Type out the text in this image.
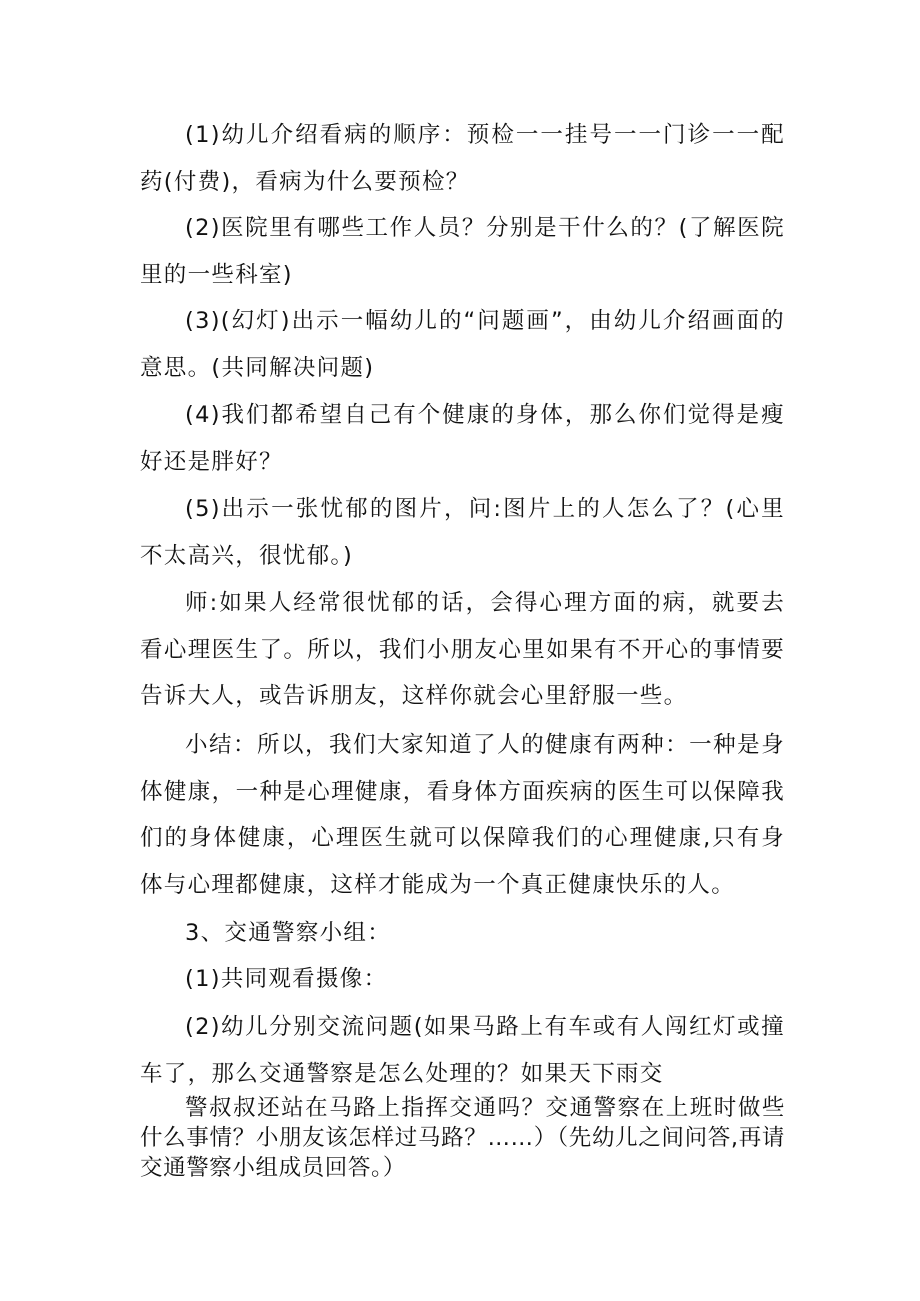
(1)幼儿介绍看病的顺序：预检一一挂号一一门诊一一配药(付费)，看病为什么要预检？

(2)医院里有哪些工作人员？分别是干什么的？(了解医院里的一些科室)

(3)(幻灯)出示一幅幼儿的“问题画”，由幼儿介绍画面的意思。(共同解决问题)

(4)我们都希望自己有个健康的身体，那么你们觉得是瘦好还是胖好？

(5)出示一张忧郁的图片，问:图片上的人怎么了？(心里不太高兴，很忧郁。)

师:如果人经常很忧郁的话，会得心理方面的病，就要去看心理医生了。所以，我们小朋友心里如果有不开心的事情要告诉大人，或告诉朋友，这样你就会心里舒服一些。

小结：所以，我们大家知道了人的健康有两种：一种是身体健康，一种是心理健康，看身体方面疾病的医生可以保障我们的身体健康，心理医生就可以保障我们的心理健康,只有身体与心理都健康，这样才能成为一个真正健康快乐的人。

3、交通警察小组：

(1)共同观看摄像：

(2)幼儿分别交流问题(如果马路上有车或有人闯红灯或撞车了，那么交通警察是怎么处理的？如果天下雨交

警叔叔还站在马路上指挥交通吗？交通警察在上班时做些什么事情？小朋友该怎样过马路？……）（先幼儿之间问答,再请交通警察小组成员回答。）
